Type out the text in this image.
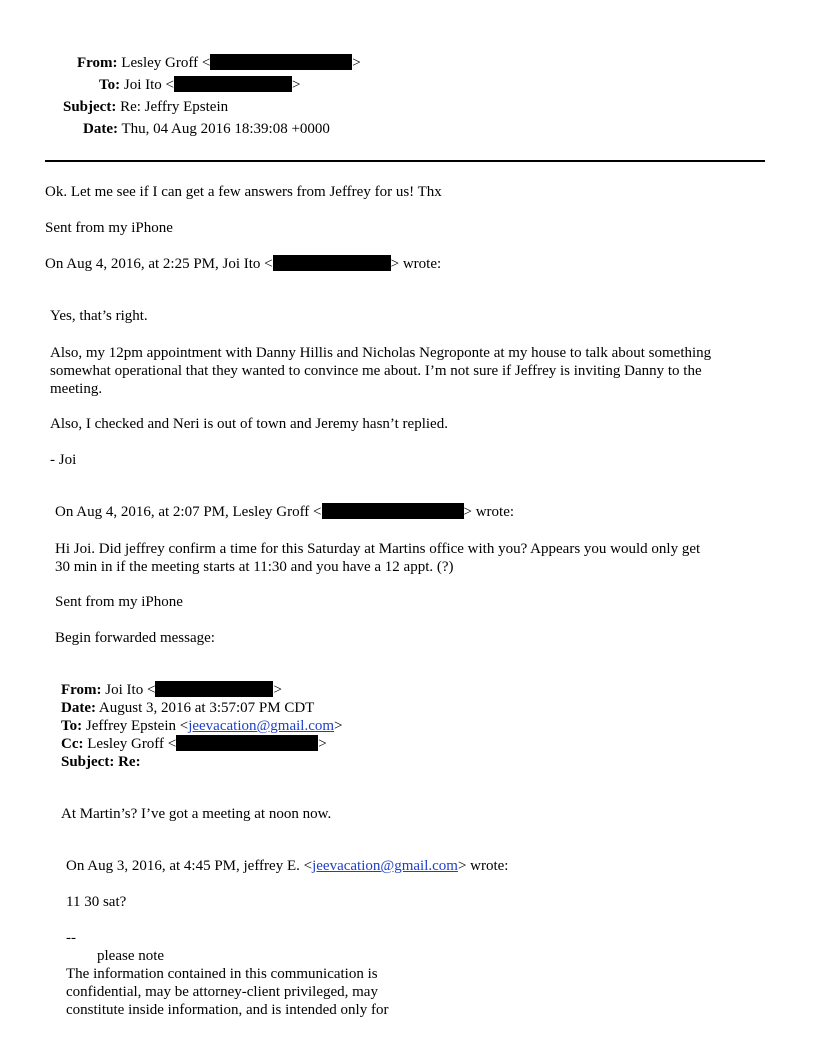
From: Lesley Groff <	>
To: Joi Ito <	>
Subject: Re: Jeffry Epstein
Date: Thu, 04 Aug 2016 18:39:08 +0000
Ok. Let me see if I can get a few answers from Jeffrey for us! Thx
Sent from my iPhone
On Aug 4, 2016, at 2:25 PM, Joi Ito <	> wrote:
Yes, that’s right.
Also, my 12pm appointment with Danny Hillis and Nicholas Negroponte at my house to talk about something
somewhat operational that they wanted to convince me about. I’m not sure if Jeffrey is inviting Danny to the
meeting.
Also, I checked and Neri is out of town and Jeremy hasn’t replied.
- Joi
On Aug 4, 2016, at 2:07 PM, Lesley Groff <	> wrote:
Hi Joi. Did jeffrey confirm a time for this Saturday at Martins office with you? Appears you would only get
30 min in if the meeting starts at 11:30 and you have a 12 appt. (?)
Sent from my iPhone
Begin forwarded message:
From: Joi Ito <	>
Date: August 3, 2016 at 3:57:07 PM CDT
To: Jeffrey Epstein <jeevacation@gmail.com>
Cc: Lesley Groff <	>
Subject: Re:
At Martin’s? I’ve got a meeting at noon now.
On Aug 3, 2016, at 4:45 PM, jeffrey E. <jeevacation@gmail.com> wrote:
11 30 sat?
--
please note
The information contained in this communication is
confidential, may be attorney-client privileged, may
constitute inside information, and is intended only for
